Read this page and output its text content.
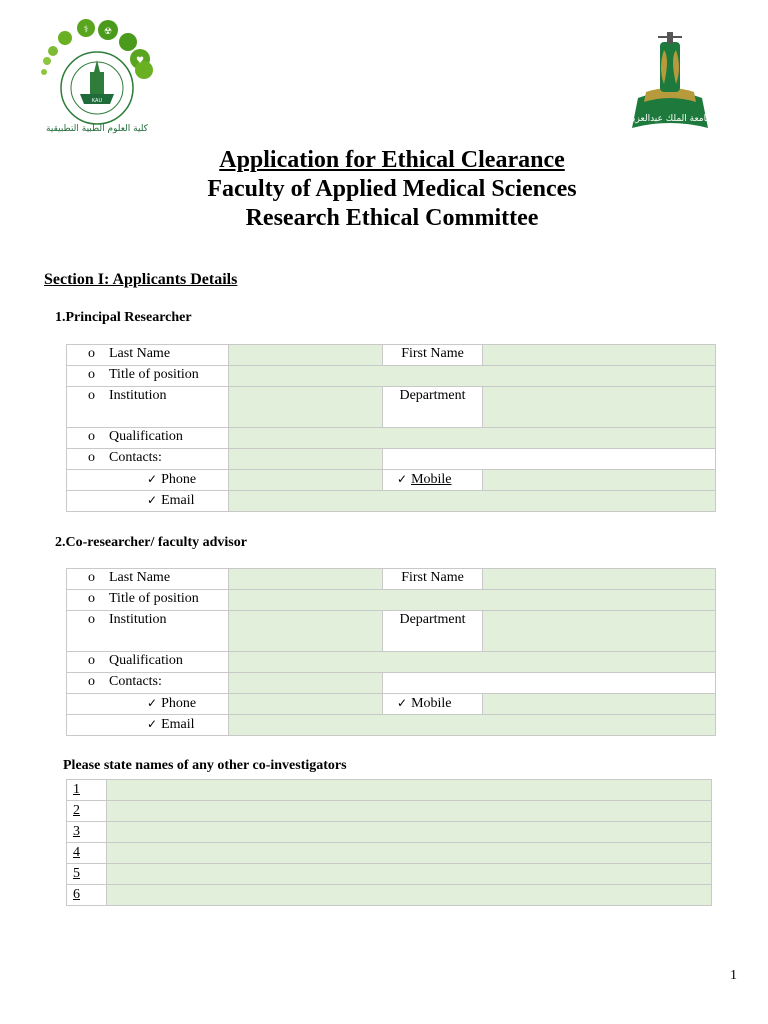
⚕ ☢
♥
KAU
كلية العلوم الطبية التطبيقية
جامعة الملك عبدالعزيز
Application for Ethical Clearance
Faculty of Applied Medical Sciences
Research Ethical Committee
Section I: Applicants Details
1.Principal Researcher
o Last Name		First Name	
o Title of position			
o Institution		Department	
o Qualification			
o Contacts:			
✓ Phone		✓ Mobile	
✓ Email			
2.Co-researcher/ faculty advisor
o Last Name		First Name	
o Title of position			
o Institution		Department	
o Qualification			
o Contacts:			
✓ Phone		✓ Mobile	
✓ Email			
Please state names of any other co-investigators
1	
2	
3	
4	
5	
6	
1
